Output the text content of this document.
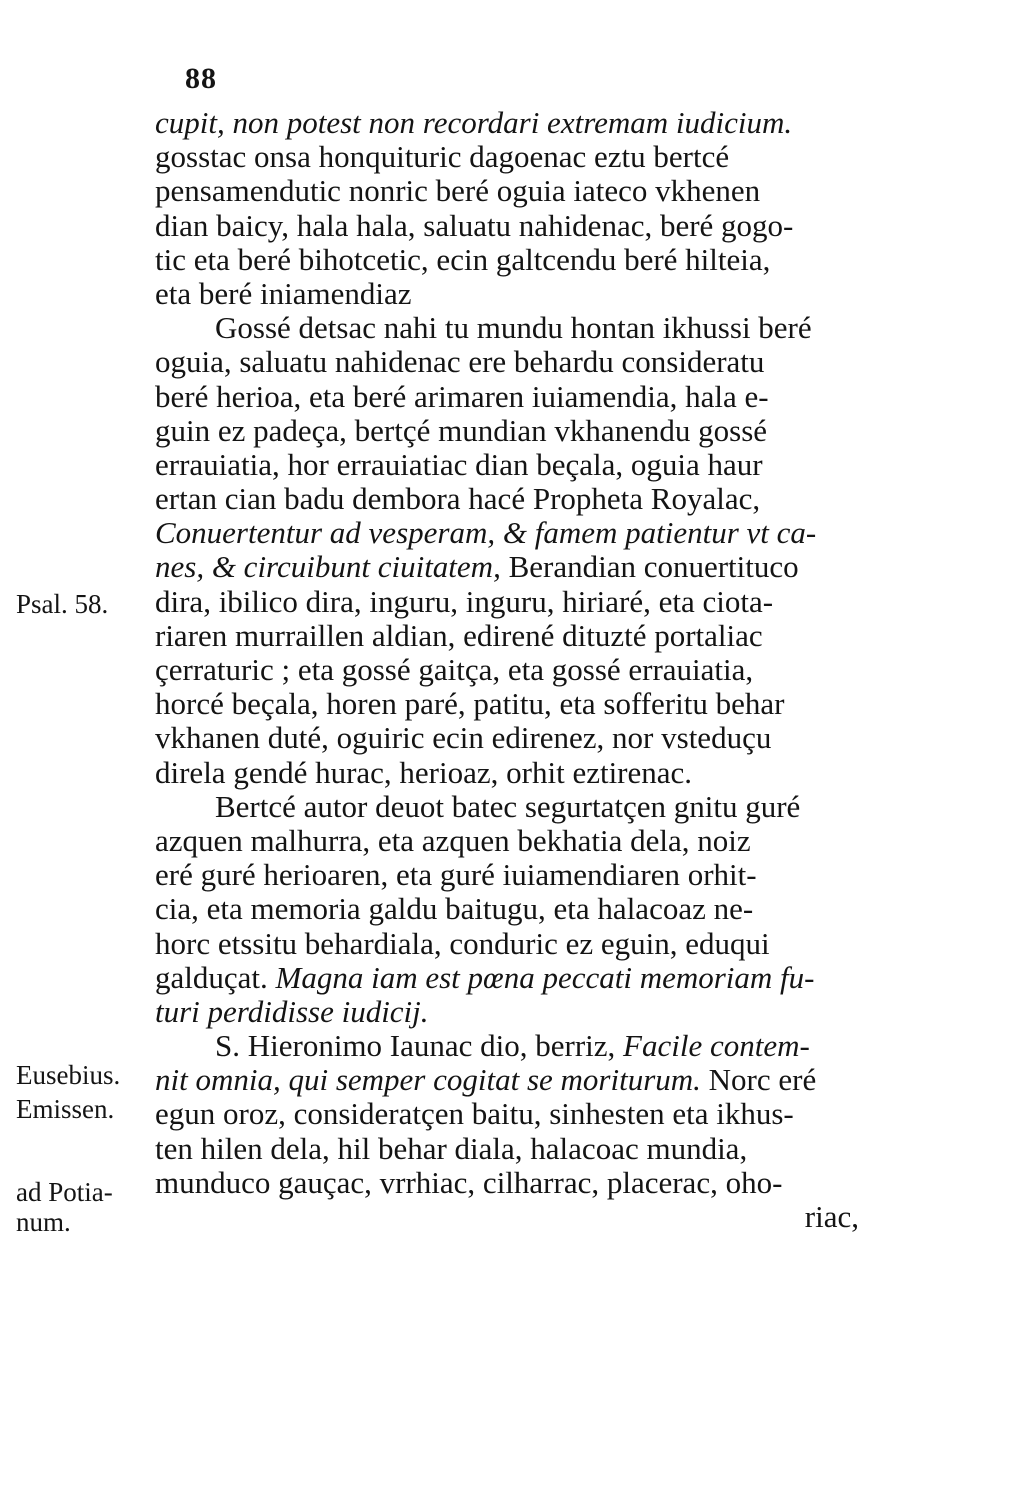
88
cupit, non potest non recordari extremam iudicium.
gosstac onsa honquituric dagoenac eztu bertcé
pensamendutic nonric beré oguia iateco vkhenen
dian baicy, hala hala, saluatu nahidenac, beré gogo-
tic eta beré bihotcetic, ecin galtcendu beré hilteia,
eta beré iniamendiaz
Gossé detsac nahi tu mundu hontan ikhussi beré
oguia, saluatu nahidenac ere behardu consideratu
beré herioa, eta beré arimaren iuiamendia, hala e-
guin ez padeça, bertçé mundian vkhanendu gossé
errauiatia, hor errauiatiac dian beçala, oguia haur
ertan cian badu dembora hacé Propheta Royalac,
Conuertentur ad vesperam, & famem patientur vt ca-
nes, & circuibunt ciuitatem, Berandian conuertituco
dira, ibilico dira, inguru, inguru, hiriaré, eta ciota-
riaren murraillen aldian, edirené dituzté portaliac
çerraturic ; eta gossé gaitça, eta gossé errauiatia,
horcé beçala, horen paré, patitu, eta sofferitu behar
vkhanen duté, oguiric ecin edirenez, nor vsteduçu
direla gendé hurac, herioaz, orhit eztirenac.
Bertcé autor deuot batec segurtatçen gnitu guré
azquen malhurra, eta azquen bekhatia dela, noiz
eré guré herioaren, eta guré iuiamendiaren orhit-
cia, eta memoria galdu baitugu, eta halacoaz ne-
horc etssitu behardiala, conduric ez eguin, eduqui
galduçat. Magna iam est pœna peccati memoriam fu-
turi perdidisse iudicij.
S. Hieronimo Iaunac dio, berriz, Facile contem-
nit omnia, qui semper cogitat se moriturum. Norc eré
egun oroz, consideratçen baitu, sinhesten eta ikhus-
ten hilen dela, hil behar diala, halacoac mundia,
munduco gauçac, vrrhiac, cilharrac, placerac, oho-
riac,
Psal. 58.
Eusebius.
Emissen.
ad Potia-
num.
